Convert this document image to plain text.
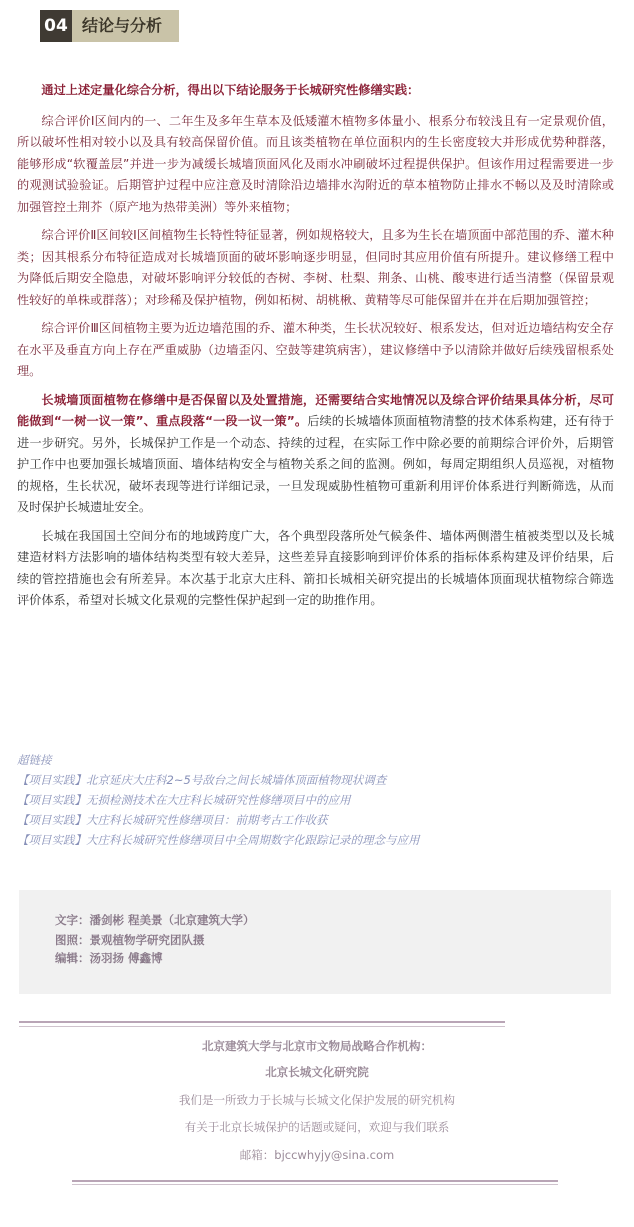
04 结论与分析

通过上述定量化综合分析，得出以下结论服务于长城研究性修缮实践：

综合评价Ⅰ区间内的一、二年生及多年生草本及低矮灌木植物多体量小、根系分布较浅且有一定景观价值，所以破坏性相对较小以及具有较高保留价值。而且该类植物在单位面积内的生长密度较大并形成优势种群落，能够形成“软覆盖层”并进一步为减缓长城墙顶面风化及雨水冲刷破坏过程提供保护。但该作用过程需要进一步的观测试验验证。后期管护过程中应注意及时清除沿边墙排水沟附近的草本植物防止排水不畅以及及时清除或加强管控土荆芥（原产地为热带美洲）等外来植物；

综合评价Ⅱ区间较Ⅰ区间植物生长特性特征显著，例如规格较大，且多为生长在墙顶面中部范围的乔、灌木种类；因其根系分布特征造成对长城墙顶面的破坏影响逐步明显，但同时其应用价值有所提升。建议修缮工程中为降低后期安全隐患，对破坏影响评分较低的杏树、李树、杜梨、荆条、山桃、酸枣进行适当清整（保留景观性较好的单株或群落）；对珍稀及保护植物，例如柘树、胡桃楸、黄精等尽可能保留并在并在后期加强管控；

综合评价Ⅲ区间植物主要为近边墙范围的乔、灌木种类，生长状况较好、根系发达，但对近边墙结构安全存在水平及垂直方向上存在严重威胁（边墙歪闪、空鼓等建筑病害），建议修缮中予以清除并做好后续残留根系处理。

长城墙顶面植物在修缮中是否保留以及处置措施，还需要结合实地情况以及综合评价结果具体分析，尽可能做到“一树一议一策”、重点段落“一段一议一策”。后续的长城墙体顶面植物清整的技术体系构建，还有待于进一步研究。另外，长城保护工作是一个动态、持续的过程，在实际工作中除必要的前期综合评价外，后期管护工作中也要加强长城墙顶面、墙体结构安全与植物关系之间的监测。例如，每周定期组织人员巡视，对植物的规格，生长状况，破坏表现等进行详细记录，一旦发现威胁性植物可重新利用评价体系进行判断筛选，从而及时保护长城遗址安全。

长城在我国国土空间分布的地域跨度广大，各个典型段落所处气候条件、墙体两侧潜生植被类型以及长城建造材料方法影响的墙体结构类型有较大差异，这些差异直接影响到评价体系的指标体系构建及评价结果，后续的管控措施也会有所差异。本次基于北京大庄科、箭扣长城相关研究提出的长城墙体顶面现状植物综合筛选评价体系，希望对长城文化景观的完整性保护起到一定的助推作用。

超链接
【项目实践】北京延庆大庄科2~5号敌台之间长城墙体顶面植物现状调查
【项目实践】无损检测技术在大庄科长城研究性修缮项目中的应用
【项目实践】大庄科长城研究性修缮项目：前期考古工作收获
【项目实践】大庄科长城研究性修缮项目中全周期数字化跟踪记录的理念与应用
文字：潘剑彬 程美景（北京建筑大学）
图照：景观植物学研究团队摄
编辑：汤羽扬 傅鑫博
北京建筑大学与北京市文物局战略合作机构：
北京长城文化研究院
我们是一所致力于长城与长城文化保护发展的研究机构
有关于北京长城保护的话题或疑问，欢迎与我们联系
邮箱：bjccwhyjy@sina.com
